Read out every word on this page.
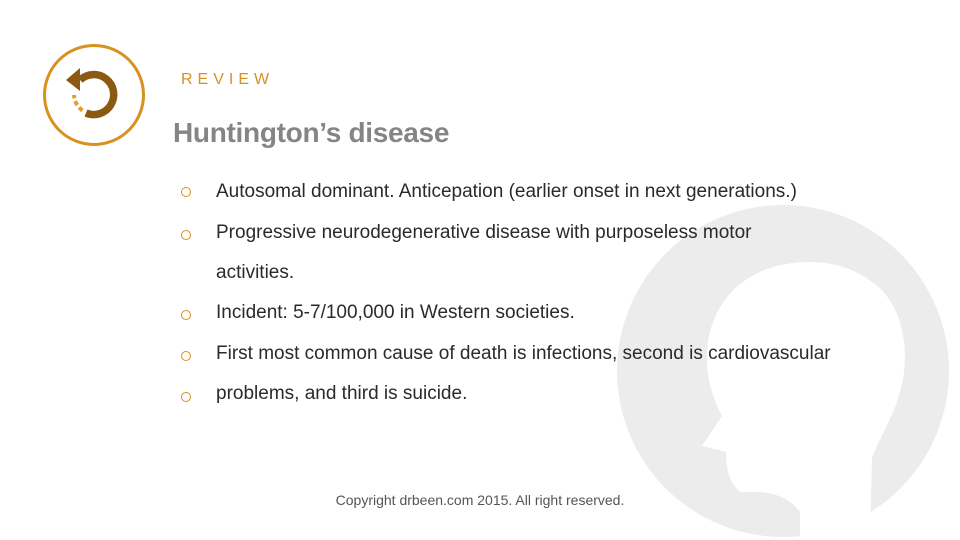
REVIEW
Huntington’s disease
Autosomal dominant. Anticepation (earlier onset in next generations.)
Progressive neurodegenerative disease with purposeless motor
activities.
Incident: 5-7/100,000 in Western societies.
First most common cause of death is infections, second is cardiovascular
problems, and third is suicide.
Copyright drbeen.com 2015. All right reserved.
